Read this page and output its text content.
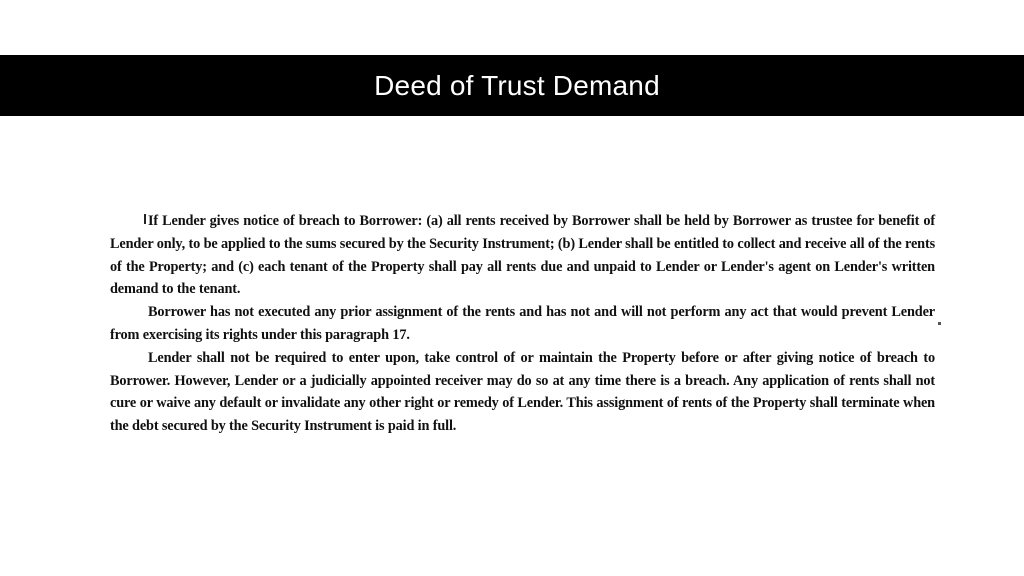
Deed of Trust Demand

If Lender gives notice of breach to Borrower: (a) all rents received by Borrower shall be held by Borrower as trustee for benefit of Lender only, to be applied to the sums secured by the Security Instrument; (b) Lender shall be entitled to collect and receive all of the rents of the Property; and (c) each tenant of the Property shall pay all rents due and unpaid to Lender or Lender's agent on Lender's written demand to the tenant.

Borrower has not executed any prior assignment of the rents and has not and will not perform any act that would prevent Lender from exercising its rights under this paragraph 17.

Lender shall not be required to enter upon, take control of or maintain the Property before or after giving notice of breach to Borrower. However, Lender or a judicially appointed receiver may do so at any time there is a breach. Any application of rents shall not cure or waive any default or invalidate any other right or remedy of Lender. This assignment of rents of the Property shall terminate when the debt secured by the Security Instrument is paid in full.
